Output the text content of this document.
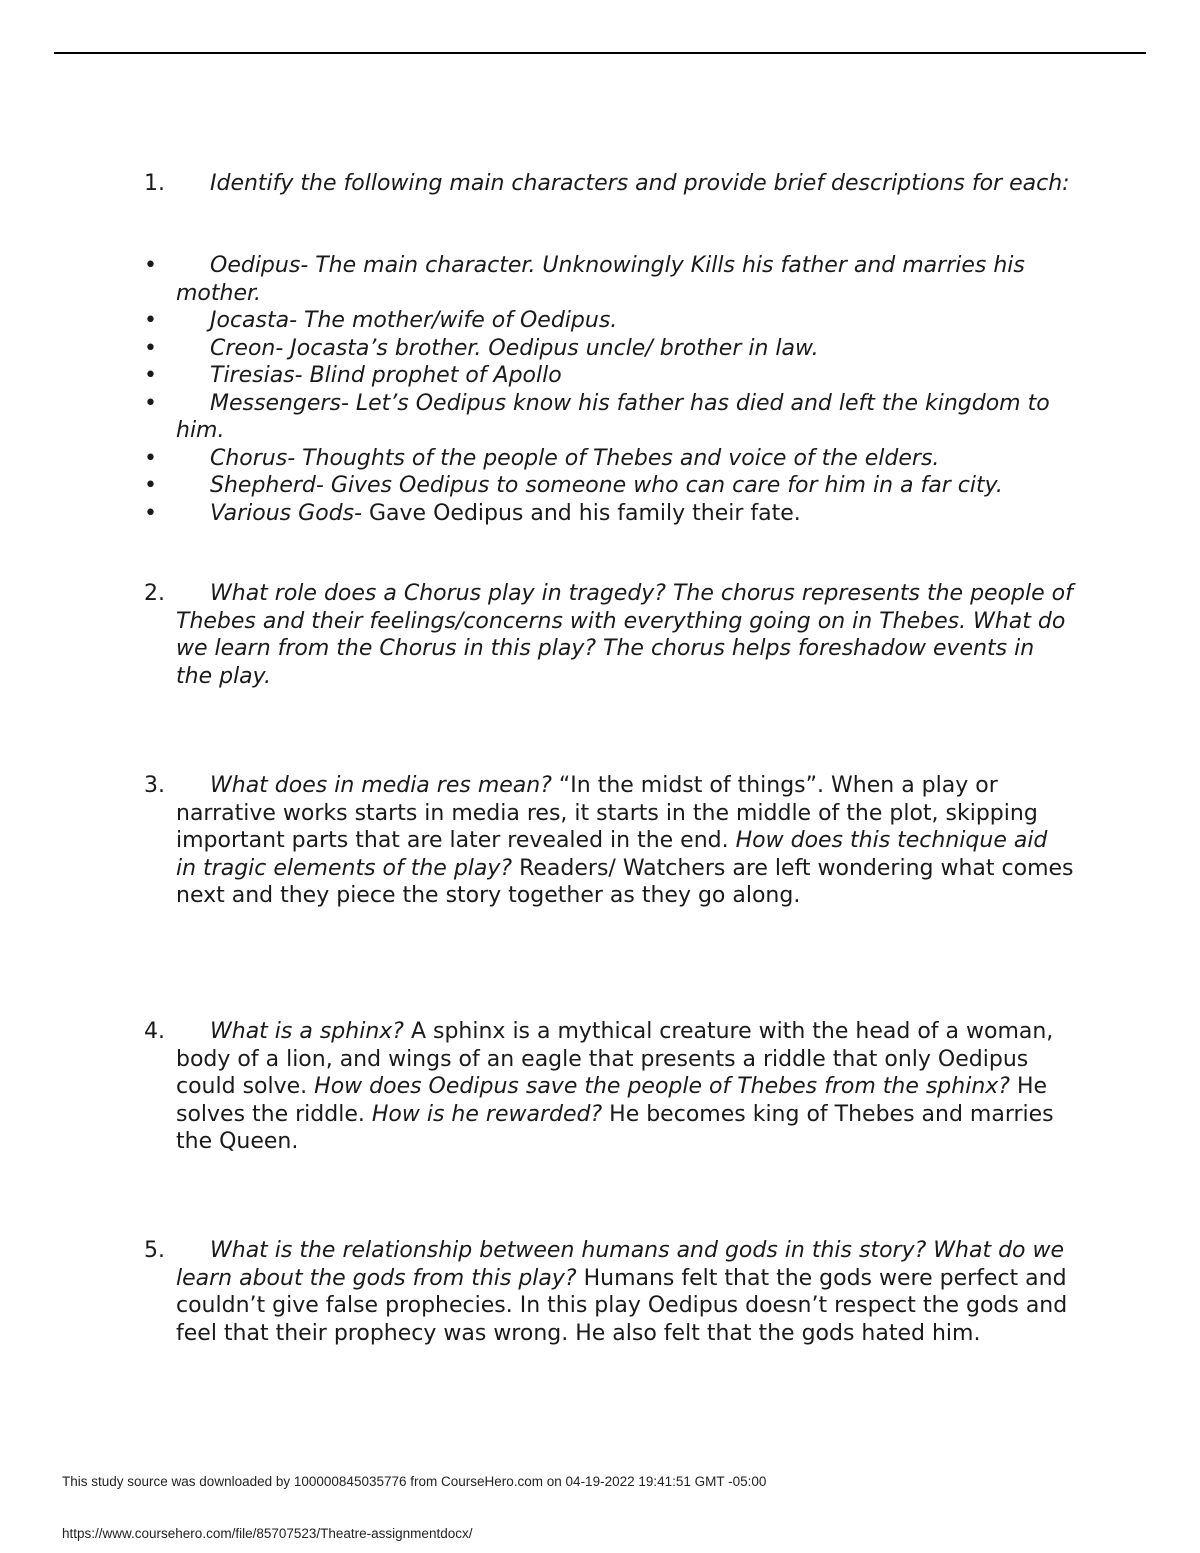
1.	Identify the following main characters and provide brief descriptions for each:
•	Oedipus- The main character. Unknowingly Kills his father and marries his mother.
•	Jocasta- The mother/wife of Oedipus.
•	Creon- Jocasta’s brother. Oedipus uncle/ brother in law.
•	Tiresias- Blind prophet of Apollo
•	Messengers- Let’s Oedipus know his father has died and left the kingdom to him.
•	Chorus- Thoughts of the people of Thebes and voice of the elders.
•	Shepherd- Gives Oedipus to someone who can care for him in a far city.
•	Various Gods- Gave Oedipus and his family their fate.
2.	What role does a Chorus play in tragedy? The chorus represents the people of Thebes and their feelings/concerns with everything going on in Thebes. What do we learn from the Chorus in this play? The chorus helps foreshadow events in the play.
3.	What does in media res mean? “In the midst of things”. When a play or narrative works starts in media res, it starts in the middle of the plot, skipping important parts that are later revealed in the end. How does this technique aid in tragic elements of the play? Readers/ Watchers are left wondering what comes next and they piece the story together as they go along.
4.	What is a sphinx? A sphinx is a mythical creature with the head of a woman, body of a lion, and wings of an eagle that presents a riddle that only Oedipus could solve. How does Oedipus save the people of Thebes from the sphinx? He solves the riddle. How is he rewarded? He becomes king of Thebes and marries the Queen.
5.	What is the relationship between humans and gods in this story? What do we learn about the gods from this play? Humans felt that the gods were perfect and couldn’t give false prophecies. In this play Oedipus doesn’t respect the gods and feel that their prophecy was wrong. He also felt that the gods hated him.
This study source was downloaded by 100000845035776 from CourseHero.com on 04-19-2022 19:41:51 GMT -05:00
https://www.coursehero.com/file/85707523/Theatre-assignmentdocx/
